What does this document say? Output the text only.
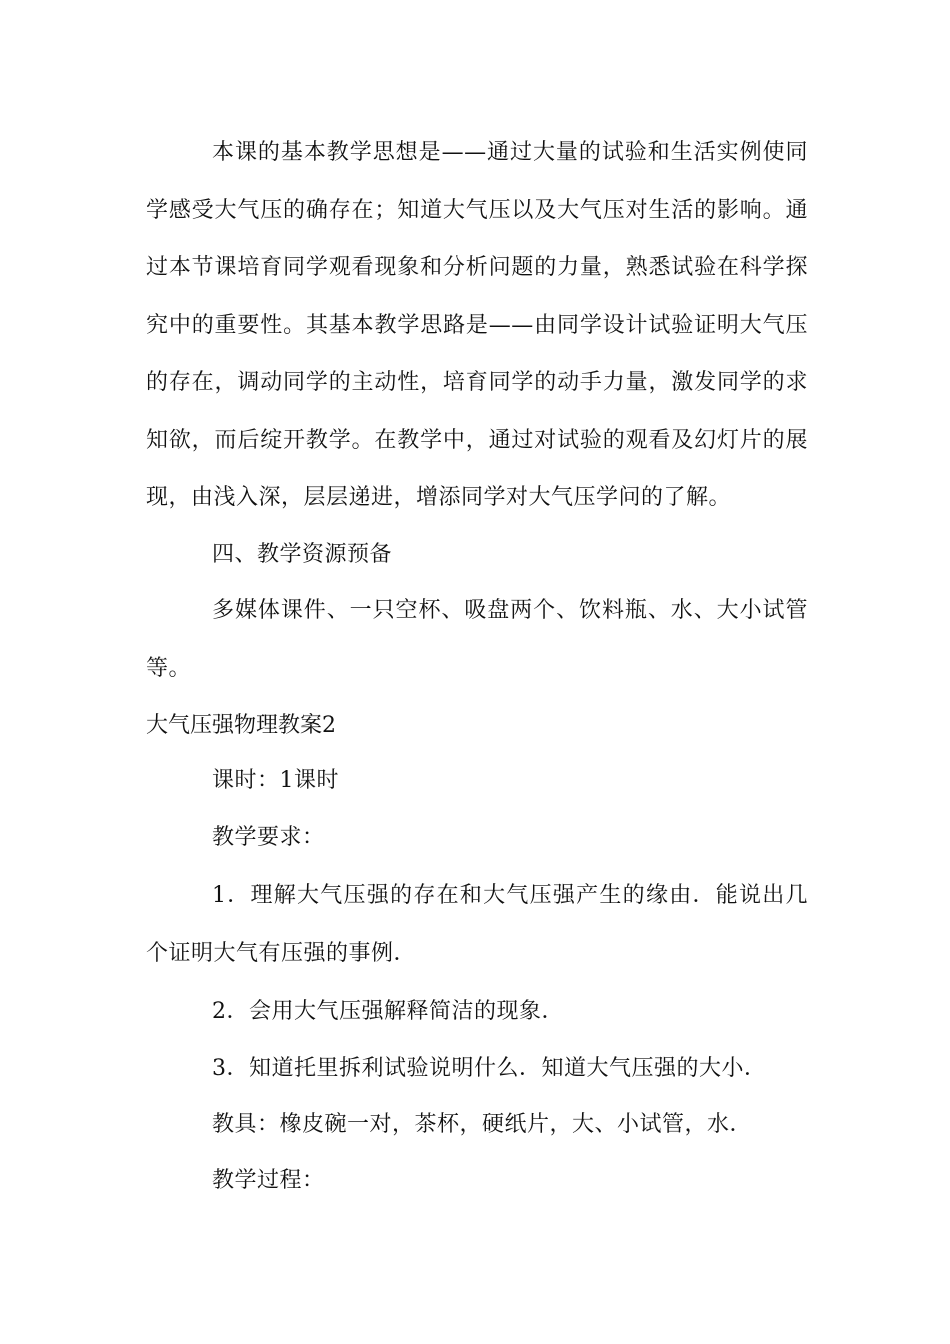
本课的基本教学思想是——通过大量的试验和生活实例使同学感受大气压的确存在；知道大气压以及大气压对生活的影响。通过本节课培育同学观看现象和分析问题的力量，熟悉试验在科学探究中的重要性。其基本教学思路是——由同学设计试验证明大气压的存在，调动同学的主动性，培育同学的动手力量，激发同学的求知欲，而后绽开教学。在教学中，通过对试验的观看及幻灯片的展现，由浅入深，层层递进，增添同学对大气压学问的了解。

四、教学资源预备

多媒体课件、一只空杯、吸盘两个、饮料瓶、水、大小试管等。

大气压强物理教案2

课时：1课时

教学要求：

1．理解大气压强的存在和大气压强产生的缘由．能说出几个证明大气有压强的事例．

2．会用大气压强解释简洁的现象．

3．知道托里拆利试验说明什么．知道大气压强的大小．

教具：橡皮碗一对，茶杯，硬纸片，大、小试管，水．

教学过程：
